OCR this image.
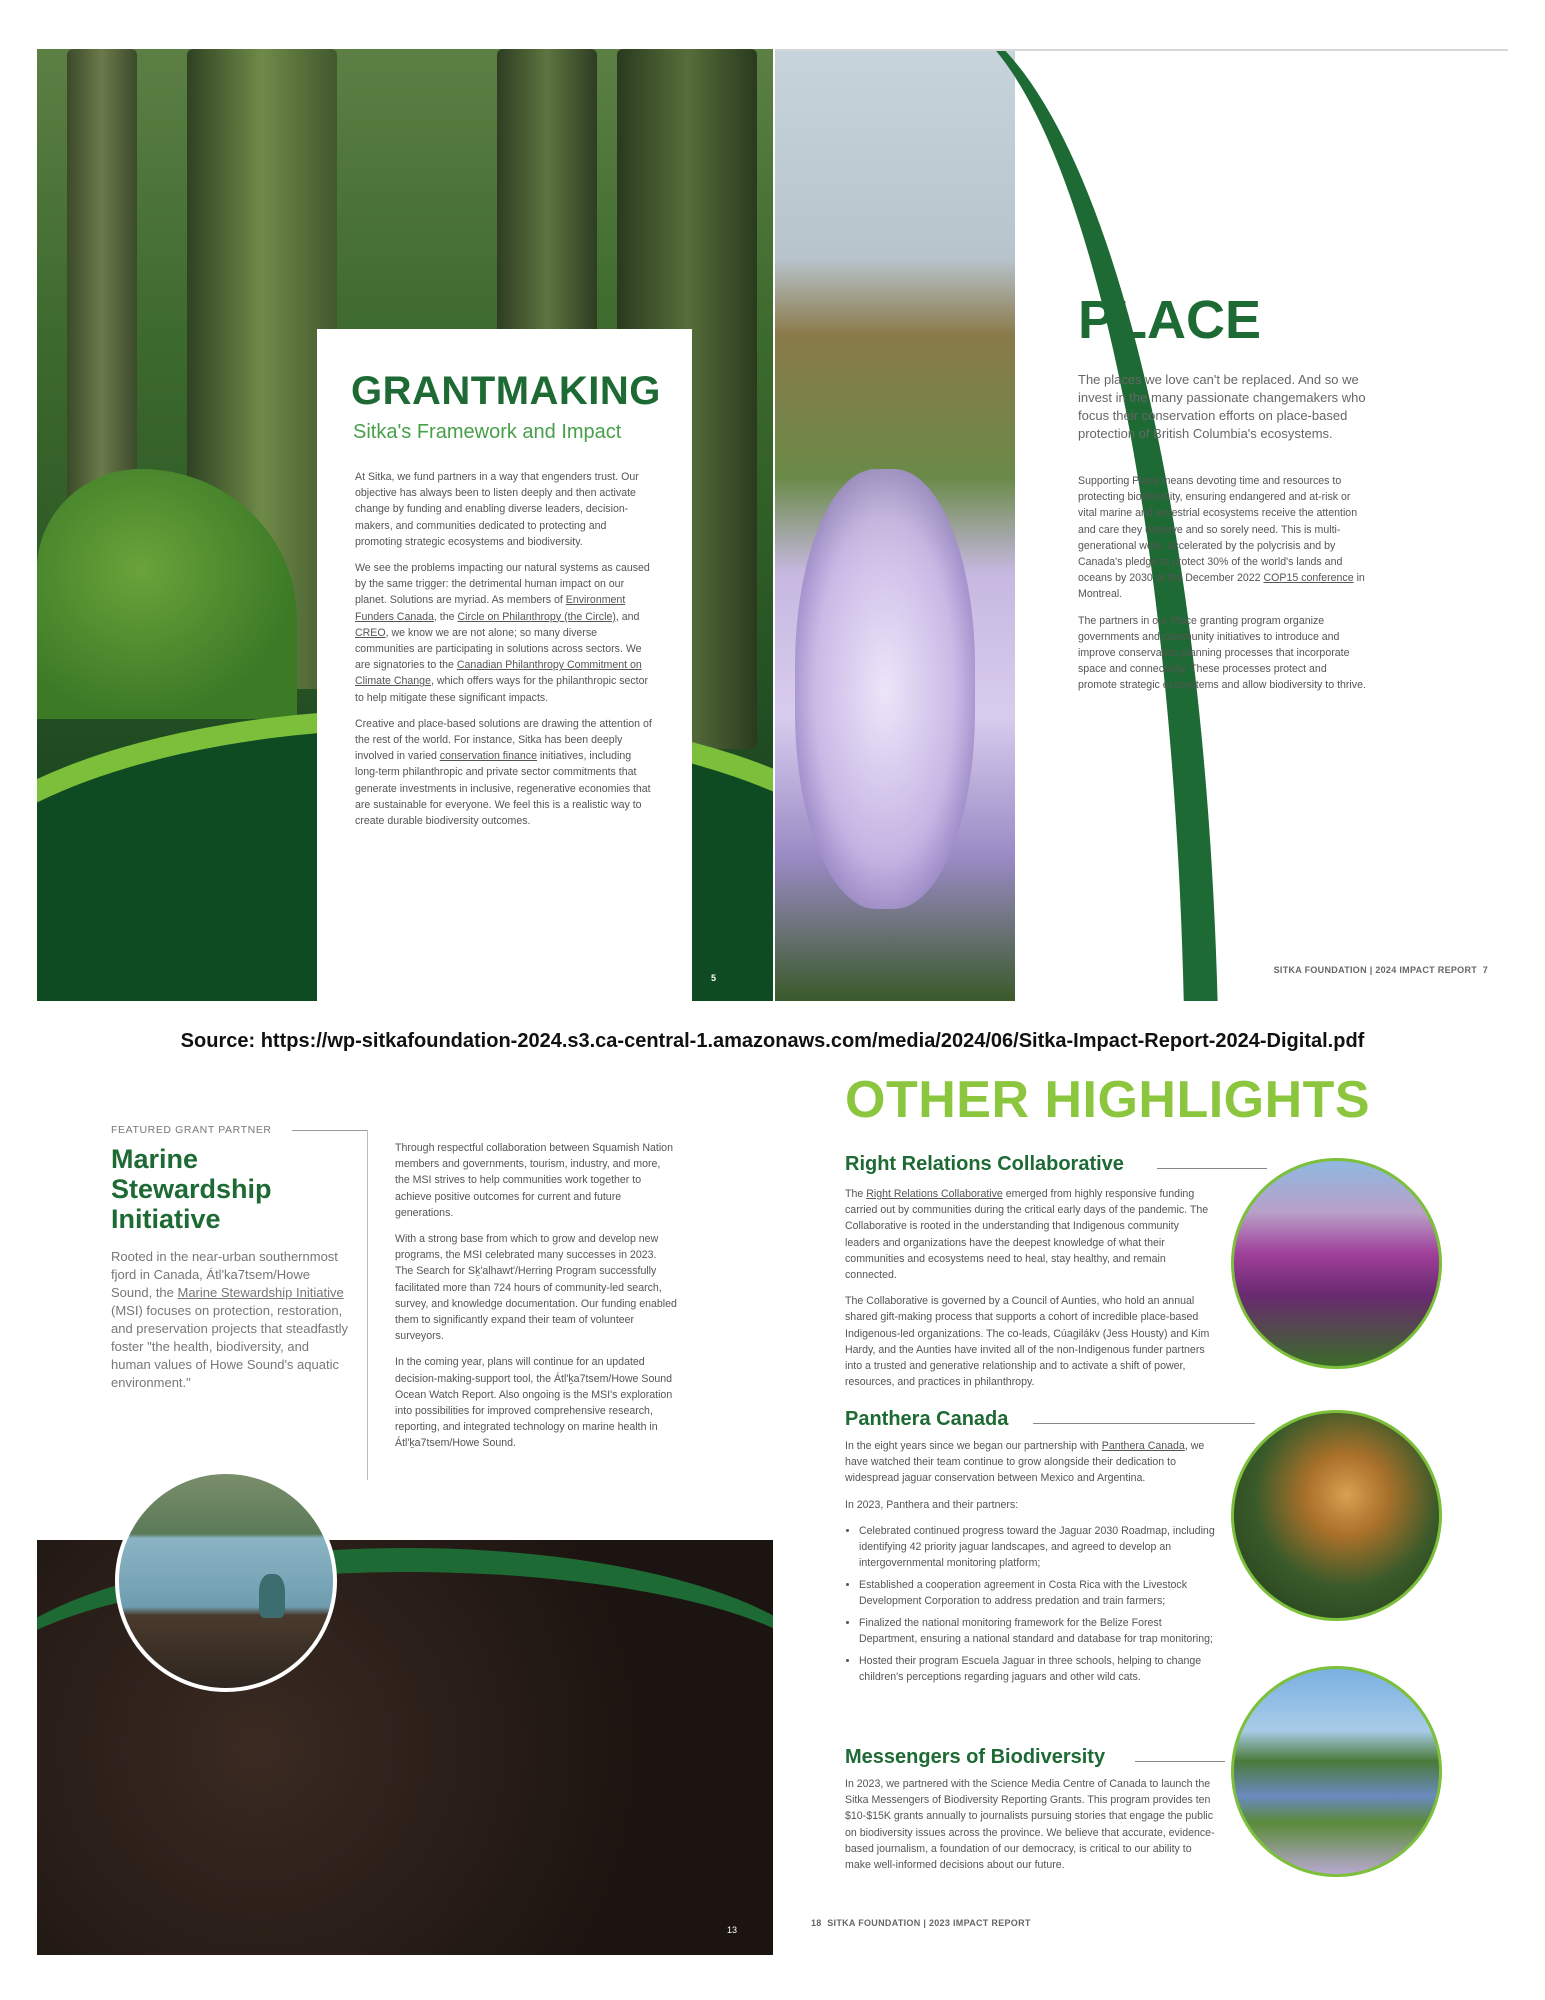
GRANTMAKING
Sitka's Framework and Impact

At Sitka, we fund partners in a way that engenders trust. Our objective has always been to listen deeply and then activate change by funding and enabling diverse leaders, decision-makers, and communities dedicated to protecting and promoting strategic ecosystems and biodiversity.

We see the problems impacting our natural systems as caused by the same trigger: the detrimental human impact on our planet. Solutions are myriad. As members of Environment Funders Canada, the Circle on Philanthropy (the Circle), and CREO, we know we are not alone; so many diverse communities are participating in solutions across sectors. We are signatories to the Canadian Philanthropy Commitment on Climate Change, which offers ways for the philanthropic sector to help mitigate these significant impacts.

Creative and place-based solutions are drawing the attention of the rest of the world. For instance, Sitka has been deeply involved in varied conservation finance initiatives, including long-term philanthropic and private sector commitments that generate investments in inclusive, regenerative economies that are sustainable for everyone. We feel this is a realistic way to create durable biodiversity outcomes.

5
PLACE
The places we love can't be replaced. And so we invest in the many passionate changemakers who focus their conservation efforts on place-based protection of British Columbia's ecosystems.

Supporting Place means devoting time and resources to protecting biodiversity, ensuring endangered and at-risk or vital marine and terrestrial ecosystems receive the attention and care they deserve and so sorely need. This is multi-generational work, accelerated by the polycrisis and by Canada's pledge to protect 30% of the world's lands and oceans by 2030 at the December 2022 COP15 conference in Montreal.

The partners in our Place granting program organize governments and community initiatives to introduce and improve conservation planning processes that incorporate space and connectivity. These processes protect and promote strategic ecosystems and allow biodiversity to thrive.

SITKA FOUNDATION | 2024 IMPACT REPORT 7
Source: https://wp-sitkafoundation-2024.s3.ca-central-1.amazonaws.com/media/2024/06/Sitka-Impact-Report-2024-Digital.pdf
FEATURED GRANT PARTNER
Marine Stewardship Initiative
Rooted in the near-urban southernmost fjord in Canada, Átl'ka7tsem/Howe Sound, the Marine Stewardship Initiative (MSI) focuses on protection, restoration, and preservation projects that steadfastly foster "the health, biodiversity, and human values of Howe Sound's aquatic environment."

Through respectful collaboration between Squamish Nation members and governments, tourism, industry, and more, the MSI strives to help communities work together to achieve positive outcomes for current and future generations.

With a strong base from which to grow and develop new programs, the MSI celebrated many successes in 2023. The Search for Sḵ'alhawt'/Herring Program successfully facilitated more than 724 hours of community-led search, survey, and knowledge documentation. Our funding enabled them to significantly expand their team of volunteer surveyors.

In the coming year, plans will continue for an updated decision-making-support tool, the Átl'ḵa7tsem/Howe Sound Ocean Watch Report. Also ongoing is the MSI's exploration into possibilities for improved comprehensive research, reporting, and integrated technology on marine health in Átl'ḵa7tsem/Howe Sound.

13
OTHER HIGHLIGHTS
Right Relations Collaborative

The Right Relations Collaborative emerged from highly responsive funding carried out by communities during the critical early days of the pandemic. The Collaborative is rooted in the understanding that Indigenous community leaders and organizations have the deepest knowledge of what their communities and ecosystems need to heal, stay healthy, and remain connected.

The Collaborative is governed by a Council of Aunties, who hold an annual shared gift-making process that supports a cohort of incredible place-based Indigenous-led organizations. The co-leads, Cúagilákv (Jess Housty) and Kim Hardy, and the Aunties have invited all of the non-Indigenous funder partners into a trusted and generative relationship and to activate a shift of power, resources, and practices in philanthropy.

Panthera Canada

In the eight years since we began our partnership with Panthera Canada, we have watched their team continue to grow alongside their dedication to widespread jaguar conservation between Mexico and Argentina.

In 2023, Panthera and their partners:

• Celebrated continued progress toward the Jaguar 2030 Roadmap, including identifying 42 priority jaguar landscapes, and agreed to develop an intergovernmental monitoring platform;
• Established a cooperation agreement in Costa Rica with the Livestock Development Corporation to address predation and train farmers;
• Finalized the national monitoring framework for the Belize Forest Department, ensuring a national standard and database for trap monitoring;
• Hosted their program Escuela Jaguar in three schools, helping to change children's perceptions regarding jaguars and other wild cats.
Messengers of Biodiversity

In 2023, we partnered with the Science Media Centre of Canada to launch the Sitka Messengers of Biodiversity Reporting Grants. This program provides ten $10-$15K grants annually to journalists pursuing stories that engage the public on biodiversity issues across the province. We believe that accurate, evidence-based journalism, a foundation of our democracy, is critical to our ability to make well-informed decisions about our future.

18 SITKA FOUNDATION | 2023 IMPACT REPORT
